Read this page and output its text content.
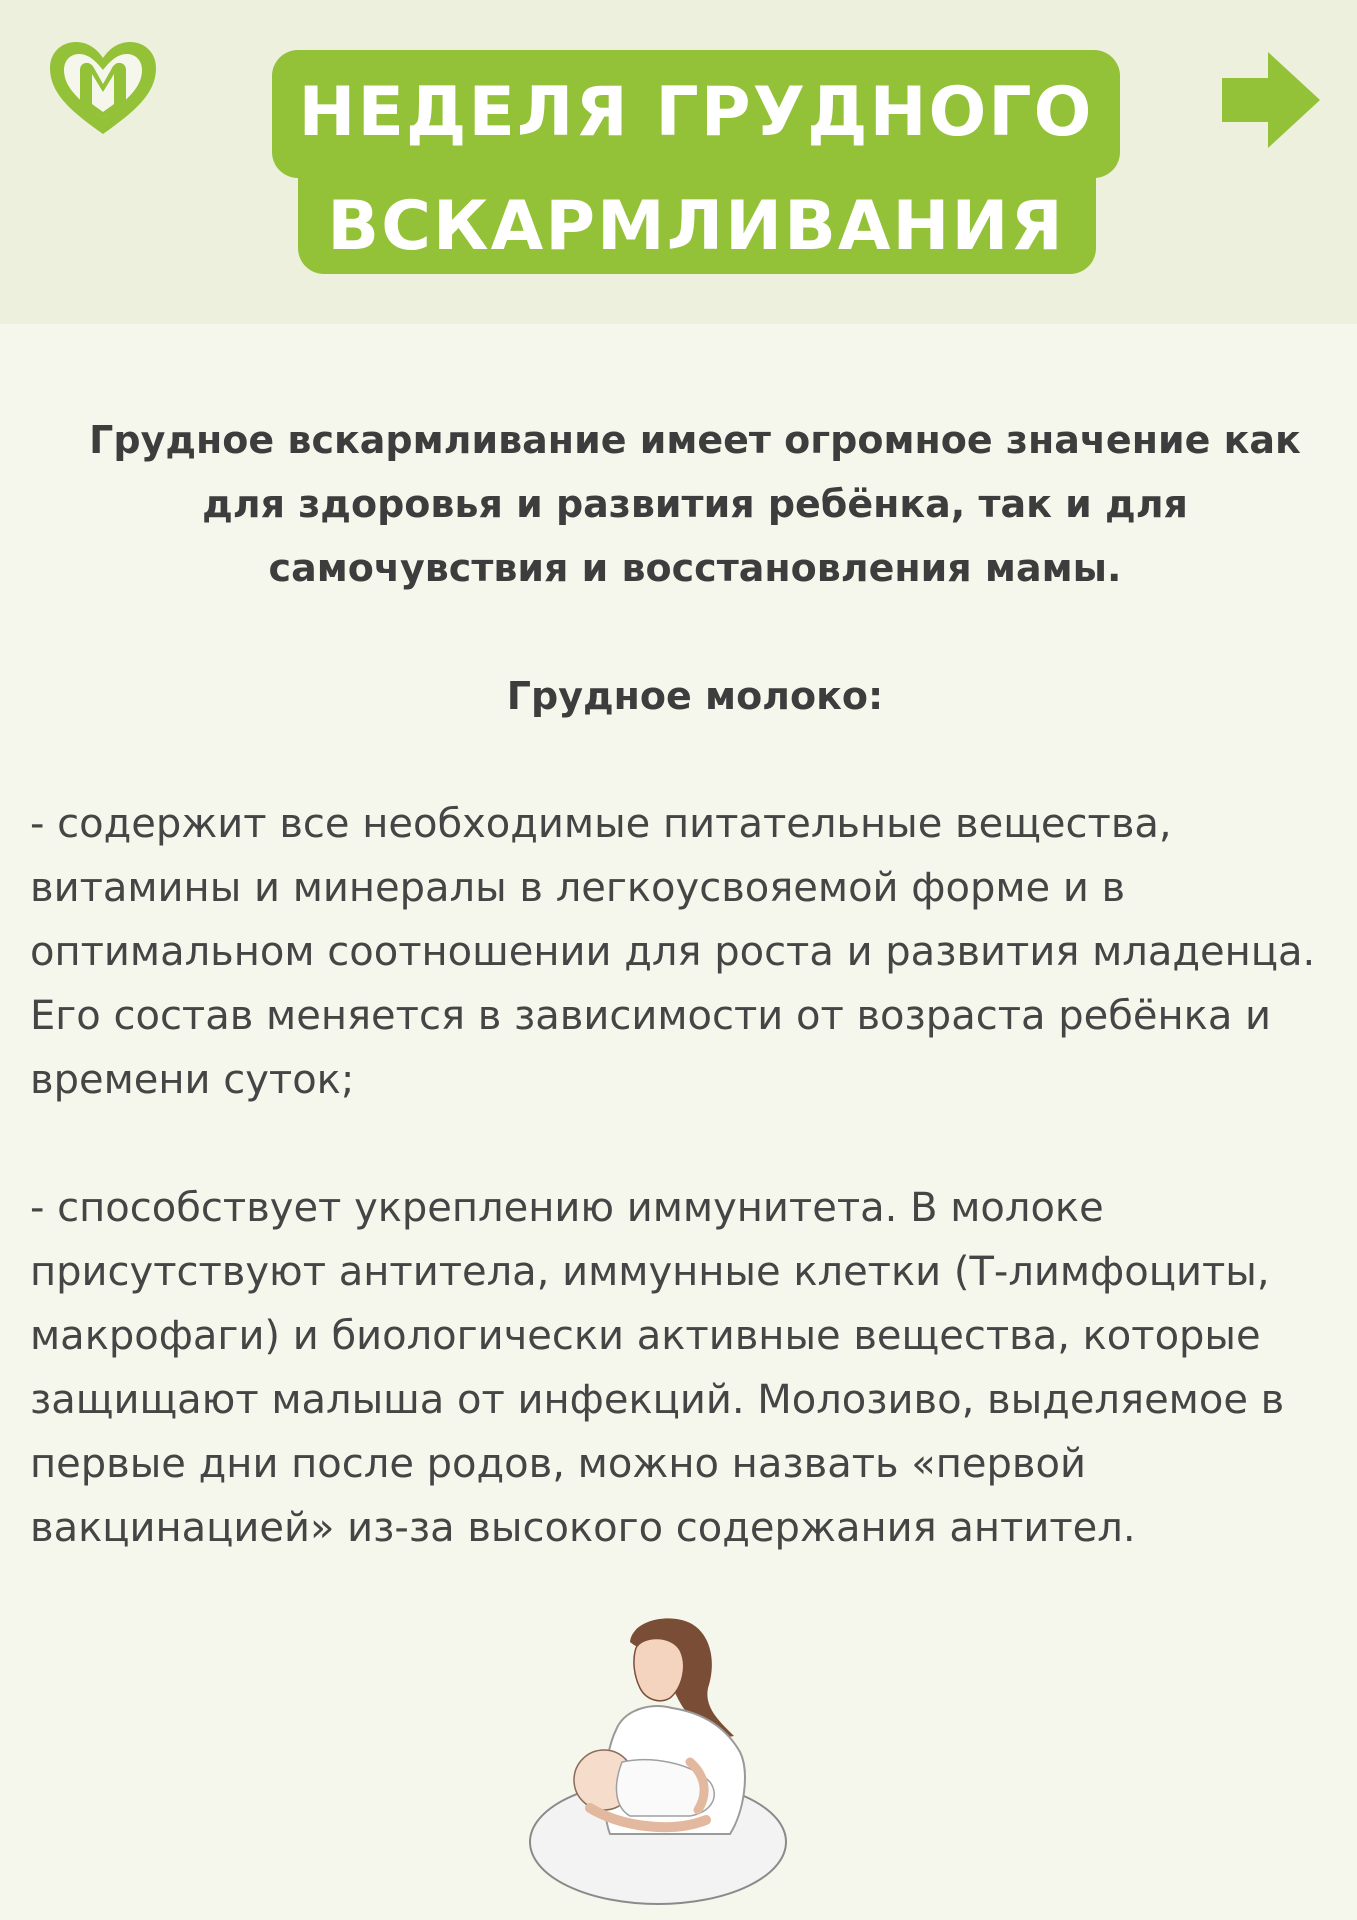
НЕДЕЛЯ ГРУДНОГО
ВСКАРМЛИВАНИЯ

Грудное вскармливание имеет огромное значение как для здоровья и развития ребёнка, так и для самочувствия и восстановления мамы.

Грудное молоко:

- содержит все необходимые питательные вещества, витамины и минералы в легкоусвояемой форме и в оптимальном соотношении для роста и развития младенца. Его состав меняется в зависимости от возраста ребёнка и времени суток;

- способствует укреплению иммунитета. В молоке присутствуют антитела, иммунные клетки (Т-лимфоциты, макрофаги) и биологически активные вещества, которые защищают малыша от инфекций. Молозиво, выделяемое в первые дни после родов, можно назвать «первой вакцинацией» из-за высокого содержания антител.
